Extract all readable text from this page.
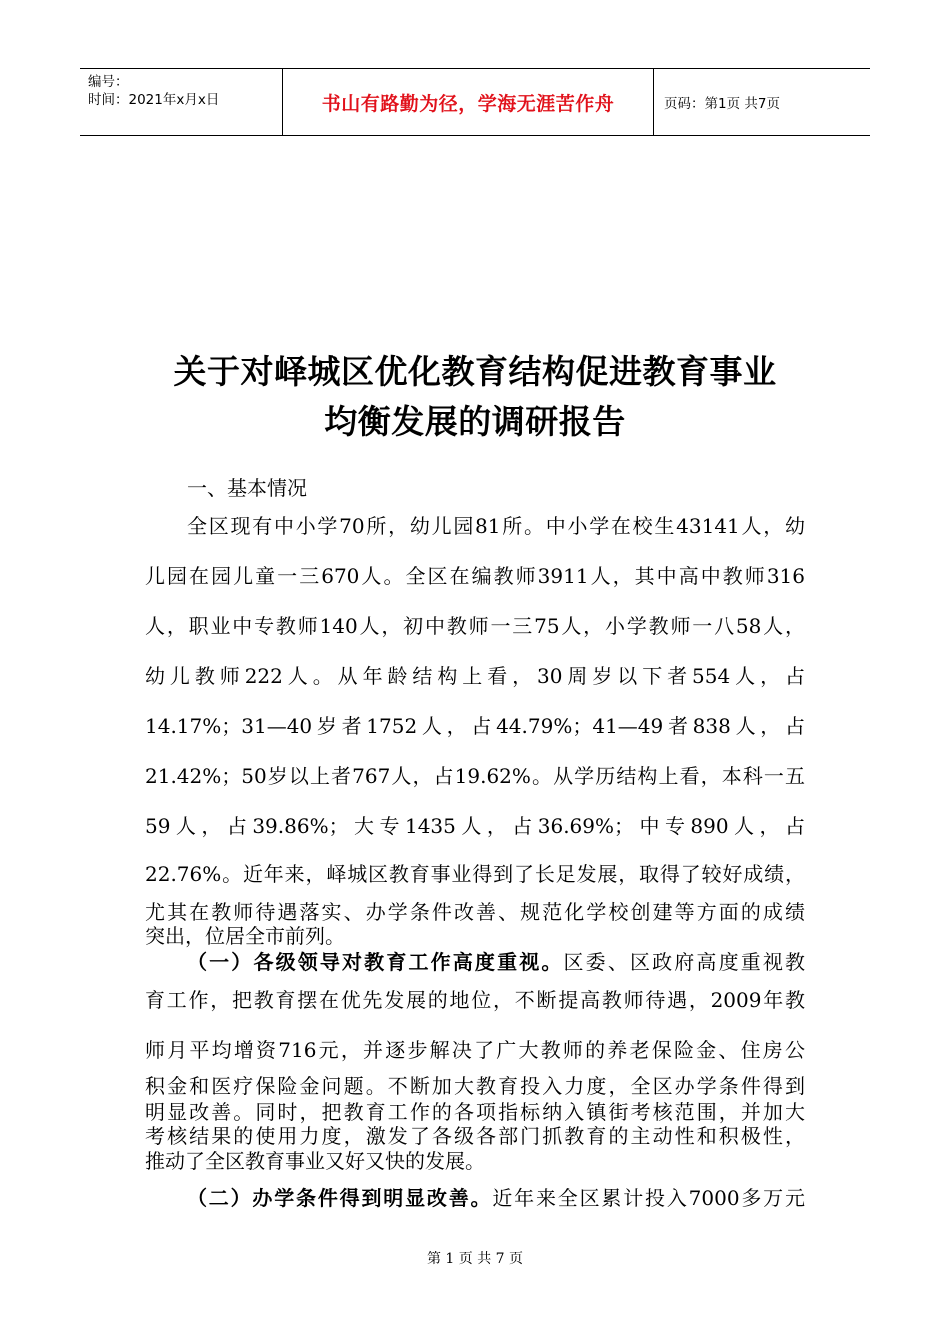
编号：
时间：2021年x月x日	书山有路勤为径，学海无涯苦作舟	页码：第1页 共7页
关于对峄城区优化教育结构促进教育事业
均衡发展的调研报告

一、基本情况

全区现有中小学70所，幼儿园81所。中小学在校生43141人，幼

儿园在园儿童一三670人。全区在编教师3911人，其中高中教师316

人，职业中专教师140人，初中教师一三75人，小学教师一八58人，

幼儿教师222人。从年龄结构上看，30周岁以下者554人，占

14.17%；31—40岁者1752人，占44.79%；41—49者838人，占

21.42%；50岁以上者767人，占19.62%。从学历结构上看，本科一五

59人，占39.86%；大专1435人，占36.69%；中专890人，占

22.76%。近年来，峄城区教育事业得到了长足发展，取得了较好成绩，

尤其在教师待遇落实、办学条件改善、规范化学校创建等方面的成绩

突出，位居全市前列。

（一）各级领导对教育工作高度重视。区委、区政府高度重视教

育工作，把教育摆在优先发展的地位，不断提高教师待遇，2009年教

师月平均增资716元，并逐步解决了广大教师的养老保险金、住房公

积金和医疗保险金问题。不断加大教育投入力度，全区办学条件得到

明显改善。同时，把教育工作的各项指标纳入镇街考核范围，并加大

考核结果的使用力度，激发了各级各部门抓教育的主动性和积极性，

推动了全区教育事业又好又快的发展。

（二）办学条件得到明显改善。近年来全区累计投入7000多万元

第 1 页 共 7 页
